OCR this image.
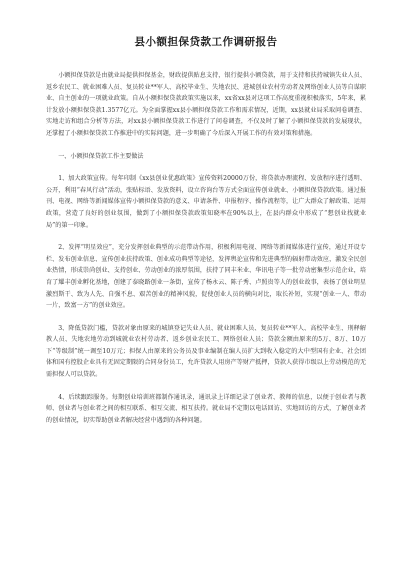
县小额担保贷款工作调研报告

小额担保贷款是由就业局提供担保基金，财政提供贴息支持，银行提供小额贷款，用于支持和扶持城镇失业人员、返乡农民工、就业困难人员、复员转业**军人、高校毕业生、失地农民、进城创业农村劳动者及网络创业人员等自谋职业、自主创业的一项就业政策。自从小额担保贷款政策实施以来，xx省xx县对这项工作高度重视积极落实，5年来，累计发放小额担保贷款1.3577亿元。为全面掌握xx县小额担保贷款工作和需求情况，近期，xx县就业局采取问卷调查、实地走访和组合分析等方法，对xx县小额担保贷款工作进行了问卷调查，不仅及时了解了小额担保贷款的发展现状，还掌握了小额担保贷款工作推进中的实际问题，进一步明确了今后深入开展工作的有效对策和措施。

一、小额担保贷款工作主要做法

1、加大政策宣传。每年印制《xx县创业优惠政策》宣传资料20000万份，将贷款办理流程、发放程序进行透明、公开，利用“春风行动”活动，张贴标语、发放资料，设立咨询台等方式全面宣传创业就业、小额担保贷款政策。通过报刊、电视、网络等新闻媒体宣传小额担保贷款的意义、申请条件、申报程序、操作流程等，让广大群众了解政策、运用政策，营造了良好的创业氛围，做到了小额担保贷款政策知晓率在90%以上，在县内群众中形成了“想创业找就业局”的第一印象。

2、发挥“明星效应”，充分发挥创业典型的示范带动作用，积极利用电视、网络等新闻媒体进行宣传，通过开设专栏、发布创业信息、宣传创业扶持政策、创业成功典型等途径，发挥舆论宣传和先进典型的辐射带动效应，激发全民创业热情，形成崇尚创业、支持创业、劳动创业的浓厚氛围，扶持了同丰米业、华讯电子等一批劳动密集型示范企业，培育了耀丰创业孵化基地，创建了泰晓路创业一条街，宣传了杨永云、陈子秀、卢照贵等人的创业故事，表扬了创业明星激烈斯干、致为人先、自强不息、艰苦创业的精神风貌，促使创业人员的横向对比，取长补短，实现“创业一人、带动一片，致富一方”的创业效应。

3、降低贷款门槛，贷款对象由原来的城镇登记失业人员、就业困难人员、复员转业**军人、高校毕业生、刑释解教人员、失地农地劳动到城就业农村劳动者、返乡创业农民工、网络创业人员；贷款金额由原来的5万、8万、10万下“等级制”统一调至10万元；担保人由原来的公务员及事业编制在编人员扩大到收入稳定的大中型国有企业、社会团体和国有控股企业具有无固定期限的合同身份员工，允许贷款人用房产等财产抵押，贷款人获得市级以上劳动模范的无需担保人可以贷款。

4、后续跟踪服务。每期创业培训班都制作通讯录，通讯录上详细记录了创业者、教师的信息，以便于创业者与教师、创业者与创业者之间的相互联系、相互交流、相互扶持。就业局不定期以电话回访、实地回访的方式，了解创业者的创业情况，切实帮助创业者解决经营中遇到的各种问题。
